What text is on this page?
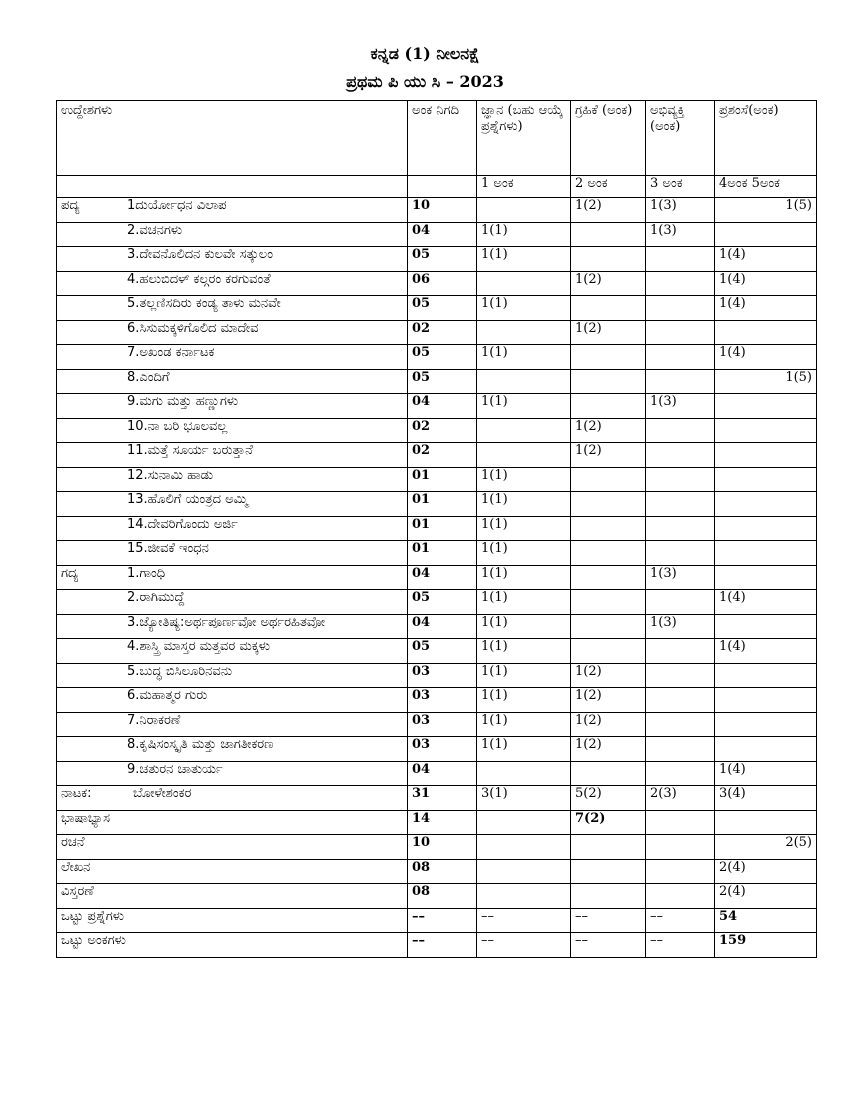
ಕನ್ನಡ (1) ನೀಲನಕ್ಷೆ
ಪ್ರಥಮ ಪಿ ಯು ಸಿ – 2023
ಉದ್ದೇಶಗಳು	ಅಂಕ ನಿಗದಿ	ಜ್ಞಾನ (ಬಹು ಆಯ್ಕೆ ಪ್ರಶ್ನೆಗಳು)	ಗ್ರಹಿಕೆ (ಅಂಕ)	ಅಭಿವ್ಯಕ್ತಿ (ಅಂಕ)	ಪ್ರಶಂಸೆ(ಅಂಕ)
		1 ಅಂಕ	2 ಅಂಕ	3 ಅಂಕ	4ಅಂಕ 5ಅಂಕ
ಪದ್ಯ 1ದುರ್ಯೋಧನ ವಿಲಾಪ	10		1(2)	1(3)	1(5)
2.ವಚನಗಳು	04	1(1)		1(3)	
3.ದೇವನೊಲಿದನ ಕುಲವೇ ಸತ್ಕುಲಂ	05	1(1)			1(4)
4.ಹಲುಬಿದಳ್ ಕಲ್ಗರಂ ಕರಗುವಂತೆ	06		1(2)		1(4)
5.ತಲ್ಲಣಿಸದಿರು ಕಂಡ್ಯ ತಾಳು ಮನವೇ	05	1(1)			1(4)
6.ಸಿಸುಮಕ್ಕಳಿಗೊಲಿದ ಮಾದೇವ	02		1(2)		
7.ಅಖಂಡ ಕರ್ನಾಟಕ	05	1(1)			1(4)
8.ಎಂದಿಗೆ	05				1(5)
9.ಮಗು ಮತ್ತು ಹಣ್ಣುಗಳು	04	1(1)		1(3)	
10.ನಾ ಬರಿ ಭೂಲವಲ್ಲ	02		1(2)		
11.ಮತ್ತೆ ಸೂರ್ಯ ಬರುತ್ತಾನೆ	02		1(2)		
12.ಸುನಾಮಿ ಹಾಡು	01	1(1)			
13.ಹೊಲಿಗೆ ಯಂತ್ರದ ಅಮ್ಮಿ	01	1(1)			
14.ದೇವರಿಗೊಂದು ಅರ್ಜಿ	01	1(1)			
15.ಜೀವಕೆ ಇಂಧನ	01	1(1)			
ಗದ್ಯ 1.ಗಾಂಧಿ	04	1(1)		1(3)	
2.ರಾಗಿಮುದ್ದೆ	05	1(1)			1(4)
3.ಜ್ಯೋತಿಷ್ಯ:ಅರ್ಥಪೂರ್ಣವೋ ಅರ್ಥರಹಿತವೋ	04	1(1)		1(3)	
4.ಶಾಸ್ತ್ರಿ ಮಾಸ್ತರ ಮತ್ತವರ ಮಕ್ಕಳು	05	1(1)			1(4)
5.ಬುದ್ಧ ಬಿಸಿಲೂರಿನವನು	03	1(1)	1(2)		
6.ಮಹಾತ್ಮರ ಗುರು	03	1(1)	1(2)		
7.ನಿರಾಕರಣೆ	03	1(1)	1(2)		
8.ಕೃಷಿಸಂಸ್ಕೃತಿ ಮತ್ತು ಜಾಗತೀಕರಣ	03	1(1)	1(2)		
9.ಚತುರನ ಚಾತುರ್ಯ	04				1(4)
ನಾಟಕ: ಬೋಳೇಶಂಕರ	31	3(1)	5(2)	2(3)	3(4)
ಭಾಷಾಭ್ಯಾಸ	14		7(2)		
ರಚನೆ	10				2(5)
ಲೇಖನ	08				2(4)
ವಿಸ್ತರಣೆ	08				2(4)
ಒಟ್ಟು ಪ್ರಶ್ನೆಗಳು	––	––	––	––	54
ಒಟ್ಟು ಅಂಕಗಳು	––	––	––	––	159
